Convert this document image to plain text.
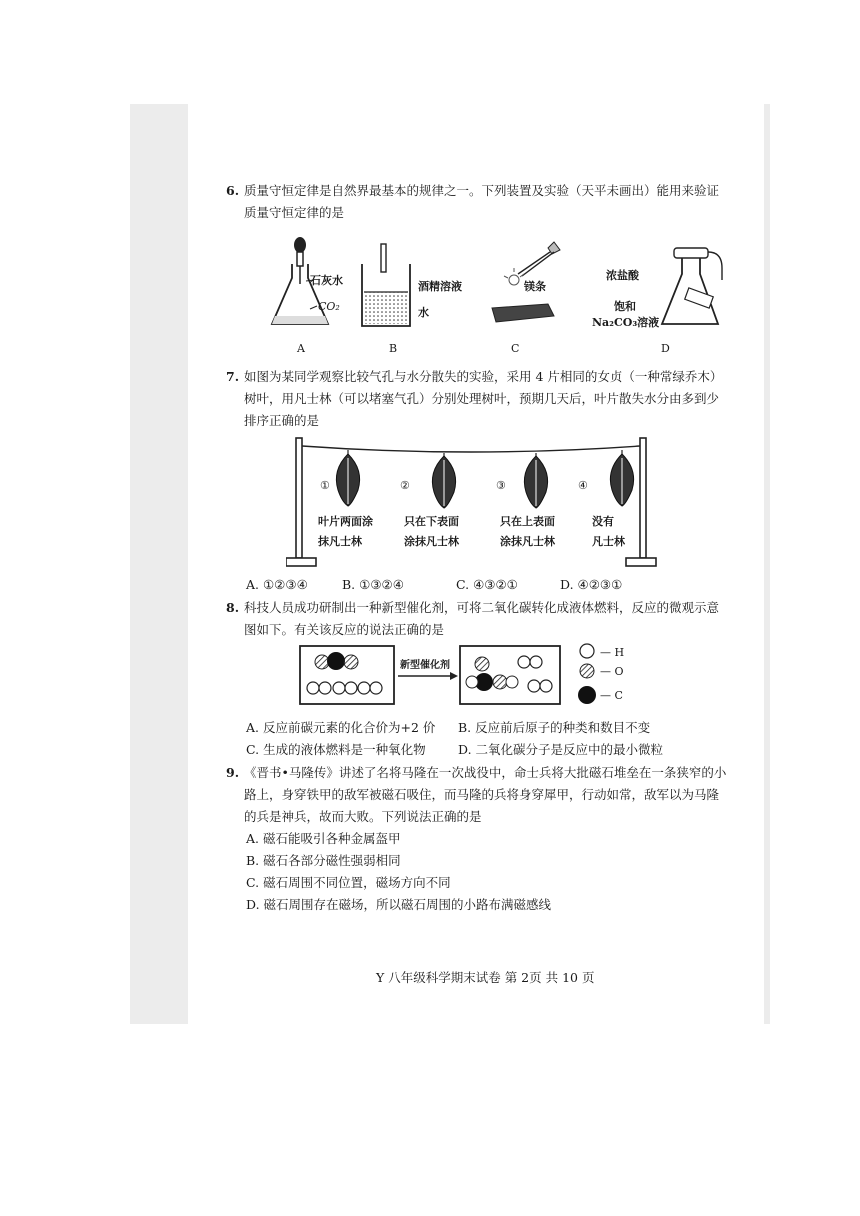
6. 质量守恒定律是自然界最基本的规律之一。下列装置及实验（天平未画出）能用来验证
质量守恒定律的是
石灰水
CO₂
A
酒精溶液
水
B
镁条
C
浓盐酸
饱和
Na₂CO₃溶液
D
7. 如图为某同学观察比较气孔与水分散失的实验，采用 4 片相同的女贞（一种常绿乔木）
树叶，用凡士林（可以堵塞气孔）分别处理树叶，预期几天后，叶片散失水分由多到少
排序正确的是
①	②	③	④
叶片两面涂
抹凡士林
只在下表面
涂抹凡士林
只在上表面
涂抹凡士林
没有
凡士林
A. ①②③④	B. ①③②④	C. ④③②①	D. ④②③①
8. 科技人员成功研制出一种新型催化剂，可将二氧化碳转化成液体燃料，反应的微观示意
图如下。有关该反应的说法正确的是
新型催化剂
— H
— O
— C
A. 反应前碳元素的化合价为+2 价 B. 反应前后原子的种类和数目不变
C. 生成的液体燃料是一种氧化物	D. 二氧化碳分子是反应中的最小微粒
9. 《晋书•马隆传》讲述了名将马隆在一次战役中，命士兵将大批磁石堆垒在一条狭窄的小
路上，身穿铁甲的敌军被磁石吸住，而马隆的兵将身穿犀甲，行动如常，敌军以为马隆
的兵是神兵，故而大败。下列说法正确的是
A. 磁石能吸引各种金属盔甲
B. 磁石各部分磁性强弱相同
C. 磁石周围不同位置，磁场方向不同
D. 磁石周围存在磁场，所以磁石周围的小路布满磁感线
Y 八年级科学期末试卷 第 2页 共 10 页
